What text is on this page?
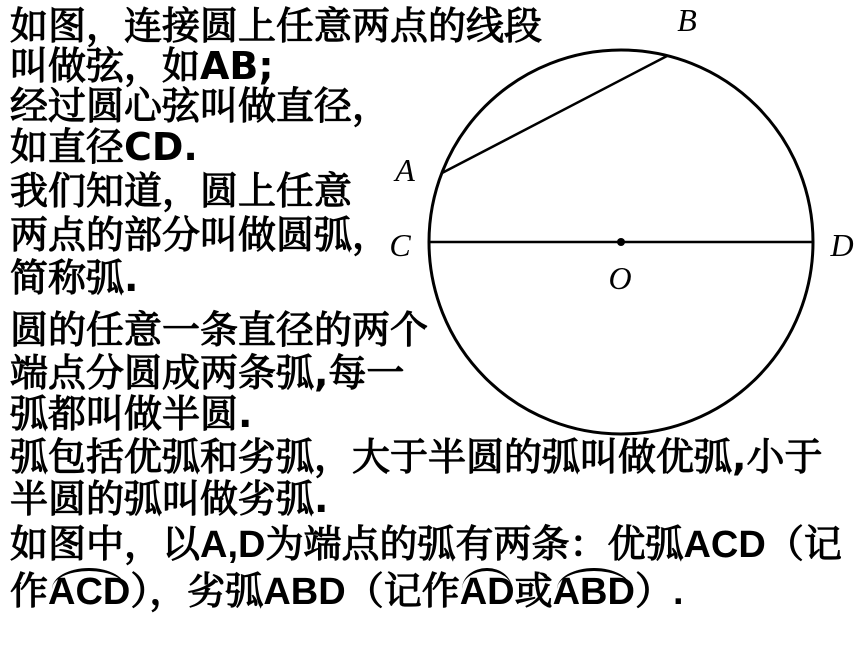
B
A
C	D
O
如图，连接圆上任意两点的线段
叫做弦，如AB;
经过圆心弦叫做直径，
如直径CD.
我们知道，圆上任意
两点的部分叫做圆弧，
简称弧.
圆的任意一条直径的两个
端点分圆成两条弧,每一
弧都叫做半圆.
弧包括优弧和劣弧，大于半圆的弧叫做优弧,小于
半圆的弧叫做劣弧.
如图中，以A,D为端点的弧有两条：优弧ACD（记
作
ACD），劣弧ABD（记作
AD或
ABD）.
